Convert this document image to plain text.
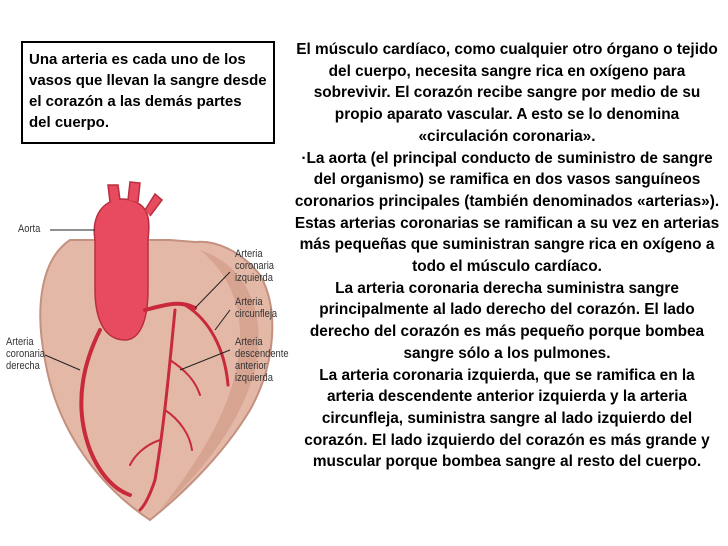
Una arteria es cada uno de los vasos que llevan la sangre desde el corazón a las demás partes del cuerpo.

El músculo cardíaco, como cualquier otro órgano o tejido del cuerpo, necesita sangre rica en oxígeno para sobrevivir. El corazón recibe sangre por medio de su propio aparato vascular. A esto se lo denomina «circulación coronaria».

·La aorta (el principal conducto de suministro de sangre del organismo) se ramifica en dos vasos sanguíneos coronarios principales (también denominados «arterias»). Estas arterias coronarias se ramifican a su vez en arterias más pequeñas que suministran sangre rica en oxígeno a todo el músculo cardíaco.

La arteria coronaria derecha suministra sangre principalmente al lado derecho del corazón. El lado derecho del corazón es más pequeño porque bombea sangre sólo a los pulmones.

La arteria coronaria izquierda, que se ramifica en la arteria descendente anterior izquierda y la arteria circunfleja, suministra sangre al lado izquierdo del corazón. El lado izquierdo del corazón es más grande y muscular porque bombea sangre al resto del cuerpo.

Aorta
Arteria
coronaria
derecha
Arteria
coronaria
izquierda
Arteria
circunfleja
Arteria
descendente
anterior
izquierda
